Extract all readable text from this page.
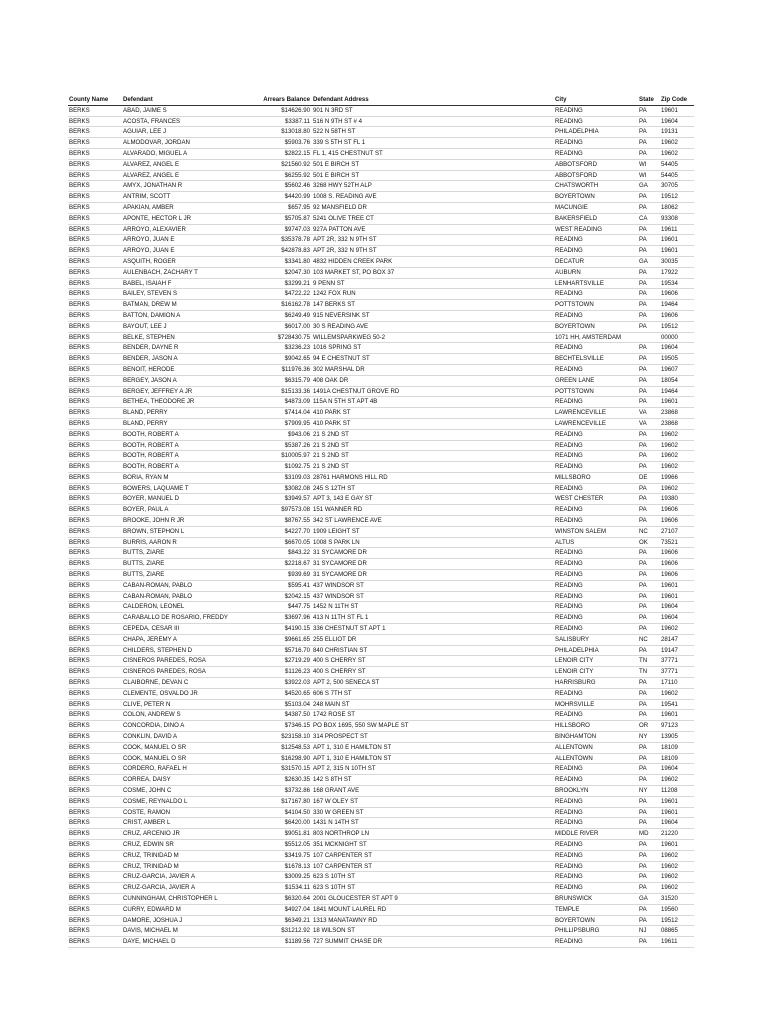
County Name	Defendant	Arrears Balance	Defendant Address	City	State	Zip Code
BERKS	ABAD, JAIME S	$14626.90	901 N 3RD ST	READING	PA	19601
BERKS	ACOSTA, FRANCES	$3387.11	516 N 9TH ST # 4	READING	PA	19604
BERKS	AGUIAR, LEE J	$13018.80	522 N 58TH ST	PHILADELPHIA	PA	19131
BERKS	ALMODOVAR, JORDAN	$5903.76	339 S 5TH ST FL 1	READING	PA	19602
BERKS	ALVARADO, MIGUEL A	$2822.15	FL 1, 415 CHESTNUT ST	READING	PA	19602
BERKS	ALVAREZ, ANGEL E	$21560.92	501 E BIRCH ST	ABBOTSFORD	WI	54405
BERKS	ALVAREZ, ANGEL E	$6255.92	501 E BIRCH ST	ABBOTSFORD	WI	54405
BERKS	AMYX, JONATHAN R	$5602.46	3268 HWY 52TH ALP	CHATSWORTH	GA	30705
BERKS	ANTRIM, SCOTT	$4420.99	1008 S. READING AVE	BOYERTOWN	PA	19512
BERKS	APAKIAN, AMBER	$657.95	92 MANSFIELD DR	MACUNGIE	PA	18062
BERKS	APONTE, HECTOR L JR	$5705.87	5241 OLIVE TREE CT	BAKERSFIELD	CA	93308
BERKS	ARROYO, ALEXAVIER	$9747.03	927A PATTON AVE	WEST READING	PA	19611
BERKS	ARROYO, JUAN E	$35378.78	APT 2R, 332 N 9TH ST	READING	PA	19601
BERKS	ARROYO, JUAN E	$42878.83	APT 2R, 332 N 9TH ST	READING	PA	19601
BERKS	ASQUITH, ROGER	$3341.80	4832 HIDDEN CREEK PARK	DECATUR	GA	30035
BERKS	AULENBACH, ZACHARY T	$2047.30	103 MARKET ST, PO BOX 37	AUBURN	PA	17922
BERKS	BABEL, ISAIAH F	$3299.21	9 PENN ST	LENHARTSVILLE	PA	19534
BERKS	BAILEY, STEVEN S	$4722.22	1242 FOX RUN	READING	PA	19606
BERKS	BATMAN, DREW M	$16162.78	147 BERKS ST	POTTSTOWN	PA	19464
BERKS	BATTON, DAMION A	$6249.49	915 NEVERSINK ST	READING	PA	19606
BERKS	BAYOUT, LEE J	$6017.00	30 S READING AVE	BOYERTOWN	PA	19512
BERKS	BELKE, STEPHEN	$728430.75	WILLEMSPARKWEG 50-2	1071 HH, AMSTERDAM		00000
BERKS	BENDER, DAYNE R	$3236.23	1016 SPRING ST	READING	PA	19604
BERKS	BENDER, JASON A	$9042.65	94 E CHESTNUT ST	BECHTELSVILLE	PA	19505
BERKS	BENOIT, HERODE	$11976.36	302 MARSHAL DR	READING	PA	19607
BERKS	BERGEY, JASON A	$6315.79	408 OAK DR	GREEN LANE	PA	18054
BERKS	BERGEY, JEFFREY A JR	$15133.36	1491A CHESTNUT GROVE RD	POTTSTOWN	PA	19464
BERKS	BETHEA, THEODORE JR	$4873.09	115A N 5TH ST APT 4B	READING	PA	19601
BERKS	BLAND, PERRY	$7414.04	410 PARK ST	LAWRENCEVILLE	VA	23868
BERKS	BLAND, PERRY	$7909.95	410 PARK ST	LAWRENCEVILLE	VA	23868
BERKS	BOOTH, ROBERT A	$943.06	21 S 2ND ST	READING	PA	19602
BERKS	BOOTH, ROBERT A	$5387.26	21 S 2ND ST	READING	PA	19602
BERKS	BOOTH, ROBERT A	$10005.97	21 S 2ND ST	READING	PA	19602
BERKS	BOOTH, ROBERT A	$1092.75	21 S 2ND ST	READING	PA	19602
BERKS	BORIA, RYAN M	$3109.03	28761 HARMONS HILL RD	MILLSBORO	DE	19966
BERKS	BOWERS, LAQUAME T	$3082.08	245 S 12TH ST	READING	PA	19602
BERKS	BOYER, MANUEL D	$3949.57	APT 3, 143 E GAY ST	WEST CHESTER	PA	19380
BERKS	BOYER, PAUL A	$97573.08	151 WANNER RD	READING	PA	19606
BERKS	BROOKE, JOHN R JR	$8767.55	342 ST LAWRENCE AVE	READING	PA	19606
BERKS	BROWN, STEPHON L	$4227.70	1909 LEIGHT ST	WINSTON SALEM	NC	27107
BERKS	BURRIS, AARON R	$6670.05	1008 S PARK LN	ALTUS	OK	73521
BERKS	BUTTS, ZIARE	$843.22	31 SYCAMORE DR	READING	PA	19606
BERKS	BUTTS, ZIARE	$2218.67	31 SYCAMORE DR	READING	PA	19606
BERKS	BUTTS, ZIARE	$939.69	31 SYCAMORE DR	READING	PA	19606
BERKS	CABAN-ROMAN, PABLO	$595.41	437 WINDSOR ST	READING	PA	19601
BERKS	CABAN-ROMAN, PABLO	$2042.15	437 WINDSOR ST	READING	PA	19601
BERKS	CALDERON, LEONEL	$447.75	1452 N 11TH ST	READING	PA	19604
BERKS	CARABALLO DE ROSARIO, FREDDY	$3697.96	413 N 11TH ST FL 1	READING	PA	19604
BERKS	CEPEDA, CESAR III	$4190.15	336 CHESTNUT ST APT 1	READING	PA	19602
BERKS	CHAPA, JEREMY A	$9661.65	255 ELLIOT DR	SALISBURY	NC	28147
BERKS	CHILDERS, STEPHEN D	$5716.70	840 CHRISTIAN ST	PHILADELPHIA	PA	19147
BERKS	CISNEROS PAREDES, ROSA	$2719.29	400 S CHERRY ST	LENOIR CITY	TN	37771
BERKS	CISNEROS PAREDES, ROSA	$1126.23	400 S CHERRY ST	LENOIR CITY	TN	37771
BERKS	CLAIBORNE, DEVAN C	$3922.03	APT 2, 500 SENECA ST	HARRISBURG	PA	17110
BERKS	CLEMENTE, OSVALDO JR	$4520.65	606 S 7TH ST	READING	PA	19602
BERKS	CLIVE, PETER N	$5103.04	248 MAIN ST	MOHRSVILLE	PA	19541
BERKS	COLON, ANDREW S	$4387.50	1742 ROSE ST	READING	PA	19601
BERKS	CONCORDIA, DINO A	$7346.15	PO BOX 1695, 550 SW MAPLE ST	HILLSBORO	OR	97123
BERKS	CONKLIN, DAVID A	$23158.10	314 PROSPECT ST	BINGHAMTON	NY	13905
BERKS	COOK, MANUEL O SR	$12548.53	APT 1, 310 E HAMILTON ST	ALLENTOWN	PA	18109
BERKS	COOK, MANUEL O SR	$16298.90	APT 1, 310 E HAMILTON ST	ALLENTOWN	PA	18109
BERKS	CORDERO, RAFAEL H	$31570.15	APT 2, 315 N 10TH ST	READING	PA	19604
BERKS	CORREA, DAISY	$2630.35	142 S 8TH ST	READING	PA	19602
BERKS	COSME, JOHN C	$3732.86	168 GRANT AVE	BROOKLYN	NY	11208
BERKS	COSME, REYNALDO L	$17167.80	167 W OLEY ST	READING	PA	19601
BERKS	COSTE, RAMON	$4104.50	330 W GREEN ST	READING	PA	19601
BERKS	CRIST, AMBER L	$6420.00	1431 N 14TH ST	READING	PA	19604
BERKS	CRUZ, ARCENIO JR	$9051.81	803 NORTHROP LN	MIDDLE RIVER	MD	21220
BERKS	CRUZ, EDWIN SR	$5512.05	351 MCKNIGHT ST	READING	PA	19601
BERKS	CRUZ, TRINIDAD M	$3419.75	107 CARPENTER ST	READING	PA	19602
BERKS	CRUZ, TRINIDAD M	$1678.13	107 CARPENTER ST	READING	PA	19602
BERKS	CRUZ-GARCIA, JAVIER A	$3009.25	623 S 10TH ST	READING	PA	19602
BERKS	CRUZ-GARCIA, JAVIER A	$1534.11	623 S 10TH ST	READING	PA	19602
BERKS	CUNNINGHAM, CHRISTOPHER L	$6320.64	2001 GLOUCESTER ST APT 9	BRUNSWICK	GA	31520
BERKS	CURRY, EDWARD M	$4927.04	1841 MOUNT LAUREL RD	TEMPLE	PA	19560
BERKS	DAMORE, JOSHUA J	$6349.21	1313 MANATAWNY RD	BOYERTOWN	PA	19512
BERKS	DAVIS, MICHAEL M	$31212.92	18 WILSON ST	PHILLIPSBURG	NJ	08865
BERKS	DAYE, MICHAEL D	$1189.56	727 SUMMIT CHASE DR	READING	PA	19611
